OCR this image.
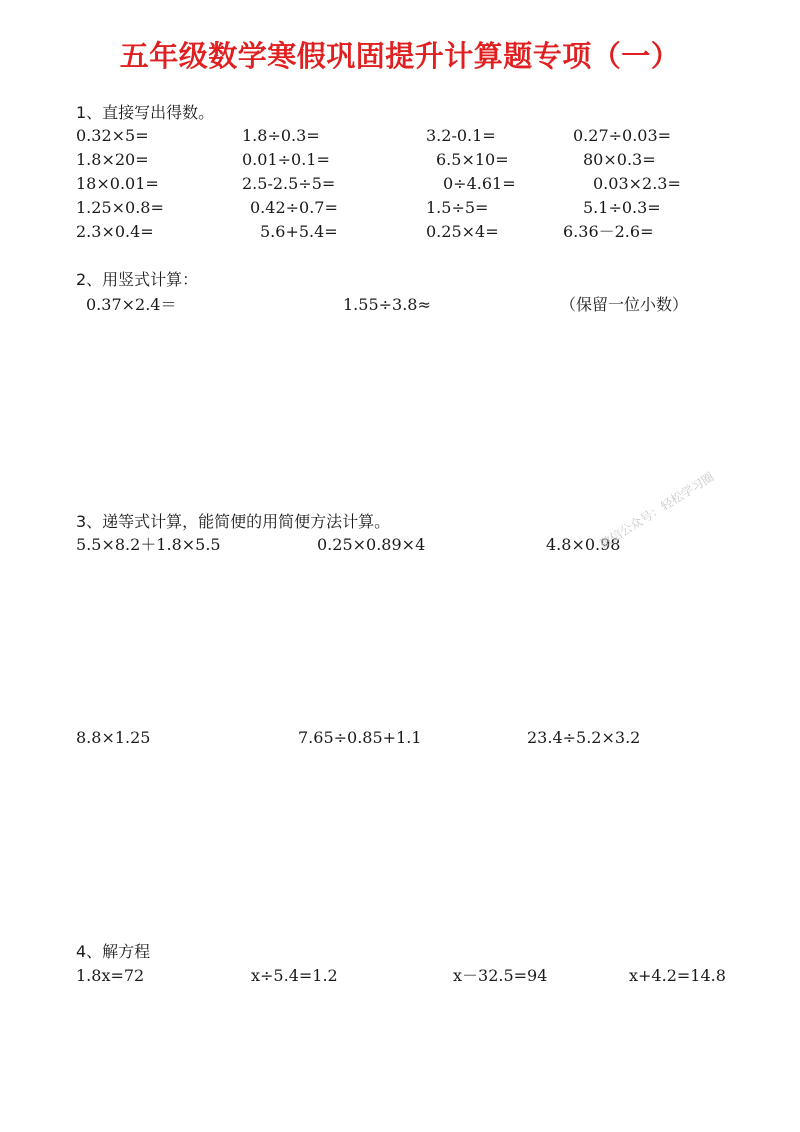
五年级数学寒假巩固提升计算题专项（一）
1、直接写出得数。
0.32×5=	1.8÷0.3=	3.2-0.1=	0.27÷0.03=
1.8×20=	0.01÷0.1=	6.5×10=	80×0.3=
18×0.01=	2.5-2.5÷5=	0÷4.61=	0.03×2.3=
1.25×0.8=	0.42÷0.7=	1.5÷5=	5.1÷0.3=
2.3×0.4=	5.6+5.4=	0.25×4=	6.36－2.6=
2、用竖式计算：
0.37×2.4＝	1.55÷3.8≈	（保留一位小数）
3、递等式计算，能简便的用简便方法计算。
5.5×8.2＋1.8×5.5	0.25×0.89×4	4.8×0.98
8.8×1.25	7.65÷0.85+1.1	23.4÷5.2×3.2
4、解方程
1.8x=72	x÷5.4=1.2	x－32.5=94	x+4.2=14.8
微信公众号：轻松学习圈
